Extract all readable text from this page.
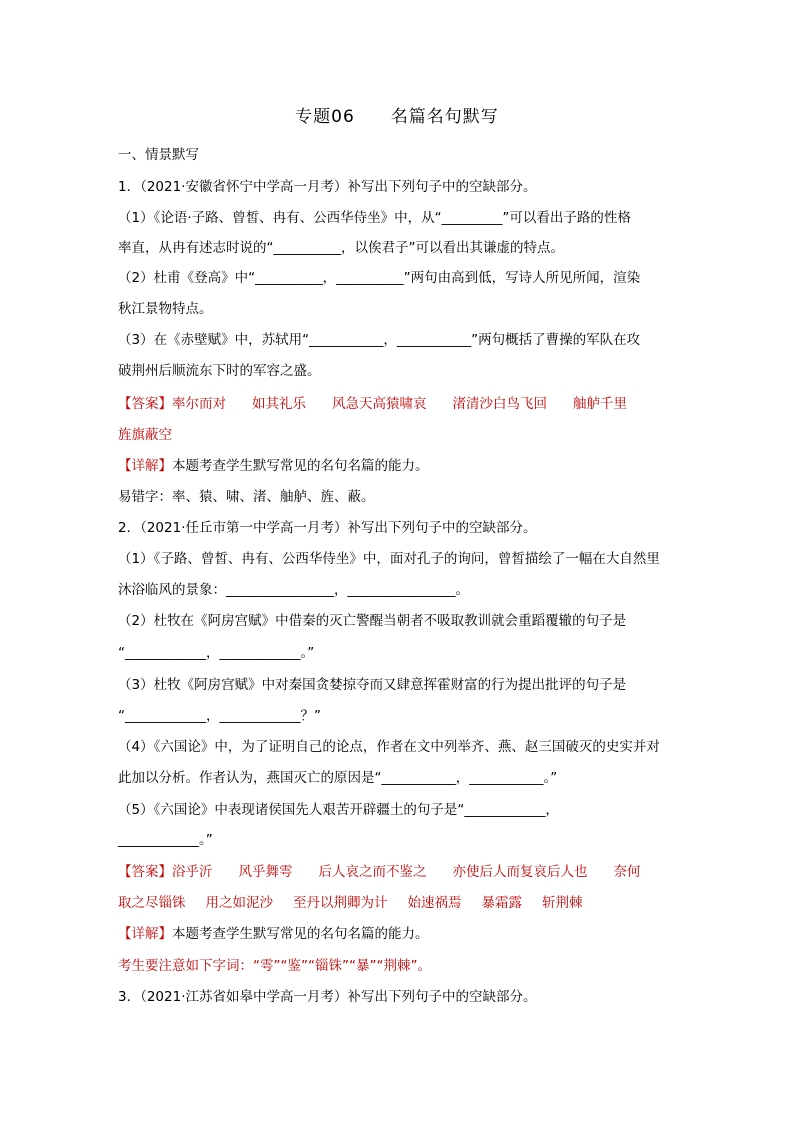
专题06 名篇名句默写
一、情景默写
1．（2021·安徽省怀宁中学高一月考）补写出下列句子中的空缺部分。
（1）《论语·子路、曾皙、冉有、公西华侍坐》中，从“_________”可以看出子路的性格
率直，从冉有述志时说的“__________，以俟君子”可以看出其谦虚的特点。
（2）杜甫《登高》中“__________，__________”两句由高到低，写诗人所见所闻，渲染
秋江景物特点。
（3）在《赤壁赋》中，苏轼用“___________，___________”两句概括了曹操的军队在攻
破荆州后顺流东下时的军容之盛。
【答案】率尔而对 如其礼乐 风急天高猿啸哀 渚清沙白鸟飞回 舳舻千里
旌旗蔽空
【详解】本题考查学生默写常见的名句名篇的能力。
易错字：率、猿、啸、渚、舳舻、旌、蔽。
2．（2021·任丘市第一中学高一月考）补写出下列句子中的空缺部分。
（1）《子路、曾皙、冉有、公西华侍坐》中，面对孔子的询问，曾皙描绘了一幅在大自然里
沐浴临风的景象：________________，________________。
（2）杜牧在《阿房宫赋》中借秦的灭亡警醒当朝者不吸取教训就会重蹈覆辙的句子是
“____________，____________。”
（3）杜牧《阿房宫赋》中对秦国贪婪掠夺而又肆意挥霍财富的行为提出批评的句子是
“____________，____________？”
（4）《六国论》中，为了证明自己的论点，作者在文中列举齐、燕、赵三国破灭的史实并对
此加以分析。作者认为，燕国灭亡的原因是“___________，___________。”
（5）《六国论》中表现诸侯国先人艰苦开辟疆土的句子是“____________，
____________。”
【答案】浴乎沂 风乎舞雩 后人哀之而不鉴之 亦使后人而复哀后人也 奈何
取之尽锱铢 用之如泥沙 至丹以荆卿为计 始速祸焉 暴霜露 斩荆棘
【详解】本题考查学生默写常见的名句名篇的能力。
考生要注意如下字词：“雩”“鉴”“锱铢”“暴”“荆棘”。
3．（2021·江苏省如皋中学高一月考）补写出下列句子中的空缺部分。
